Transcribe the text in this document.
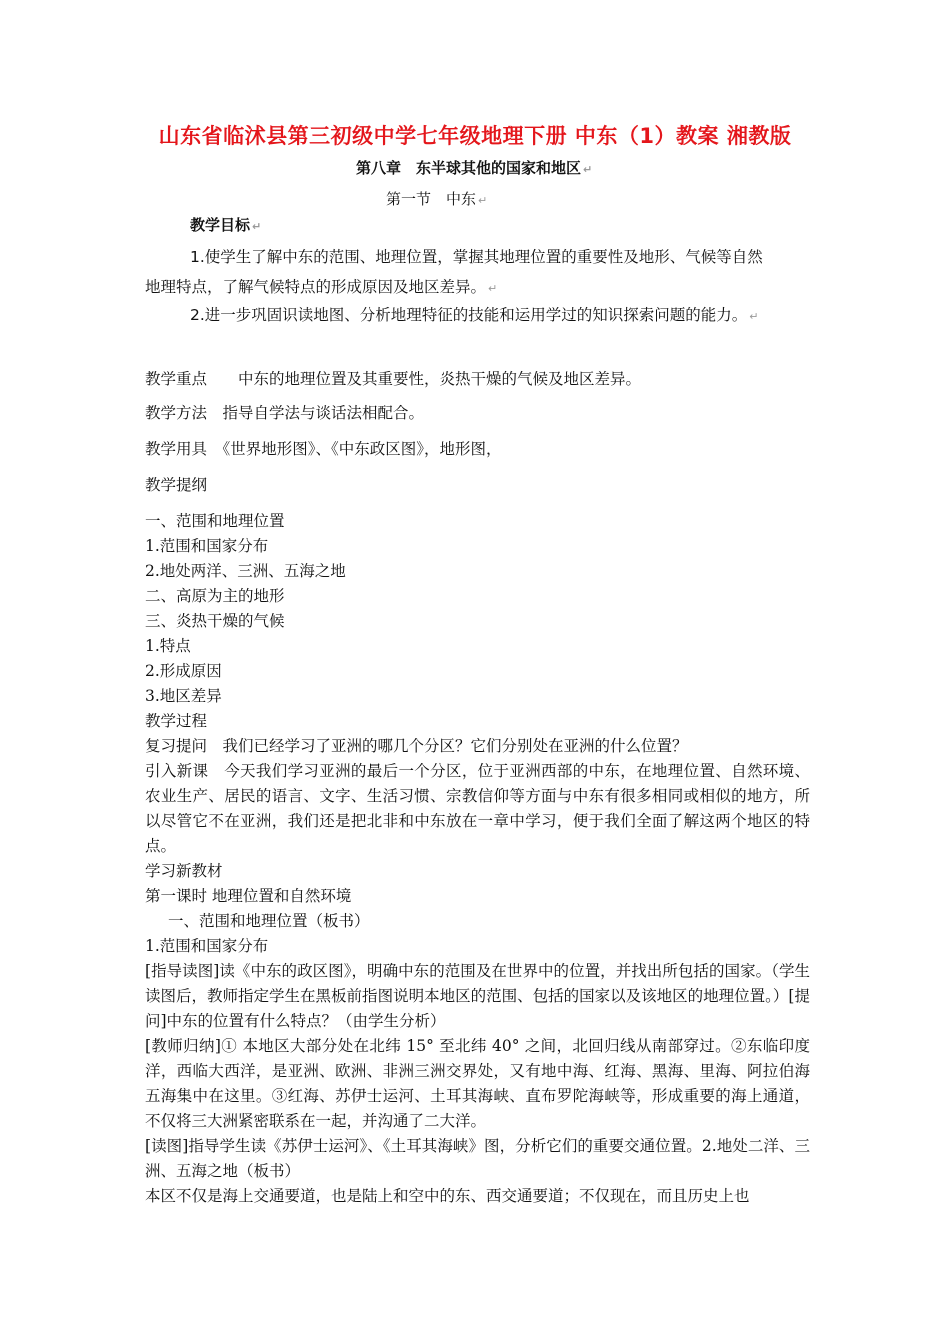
山东省临沭县第三初级中学七年级地理下册 中东（1）教案 湘教版
第八章　东半球其他的国家和地区 ↵
第一节　中东 ↵
教学目标 ↵
1.使学生了解中东的范围、地理位置，掌握其地理位置的重要性及地形、气候等自然
地理特点，了解气候特点的形成原因及地区差异。 ↵
2.进一步巩固识读地图、分析地理特征的技能和运用学过的知识探索问题的能力。 ↵
教学重点　　中东的地理位置及其重要性，炎热干燥的气候及地区差异。
教学方法　指导自学法与谈话法相配合。
教学用具　《世界地形图》、《中东政区图》，地形图，
教学提纲
一、范围和地理位置
1.范围和国家分布
2.地处两洋、三洲、五海之地
二、高原为主的地形
三、炎热干燥的气候
1.特点
2.形成原因
3.地区差异
教学过程
复习提问　我们已经学习了亚洲的哪几个分区？它们分别处在亚洲的什么位置？
引入新课　今天我们学习亚洲的最后一个分区，位于亚洲西部的中东，在地理位置、自然环境、农业生产、居民的语言、文字、生活习惯、宗教信仰等方面与中东有很多相同或相似的地方，所以尽管它不在亚洲，我们还是把北非和中东放在一章中学习，便于我们全面了解这两个地区的特点。
学习新教材
第一课时 地理位置和自然环境
一、范围和地理位置（板书）
1.范围和国家分布
[指导读图]读《中东的政区图》，明确中东的范围及在世界中的位置，并找出所包括的国家。（学生读图后，教师指定学生在黑板前指图说明本地区的范围、包括的国家以及该地区的地理位置。）[提问]中东的位置有什么特点？（由学生分析）
[教师归纳]① 本地区大部分处在北纬 15° 至北纬 40° 之间，北回归线从南部穿过。②东临印度洋，西临大西洋，是亚洲、欧洲、非洲三洲交界处，又有地中海、红海、黑海、里海、阿拉伯海五海集中在这里。③红海、苏伊士运河、土耳其海峡、直布罗陀海峡等，形成重要的海上通道，不仅将三大洲紧密联系在一起，并沟通了二大洋。
[读图]指导学生读《苏伊士运河》、《土耳其海峡》图，分析它们的重要交通位置。2.地处二洋、三洲、五海之地（板书）
本区不仅是海上交通要道，也是陆上和空中的东、西交通要道；不仅现在，而且历史上也
